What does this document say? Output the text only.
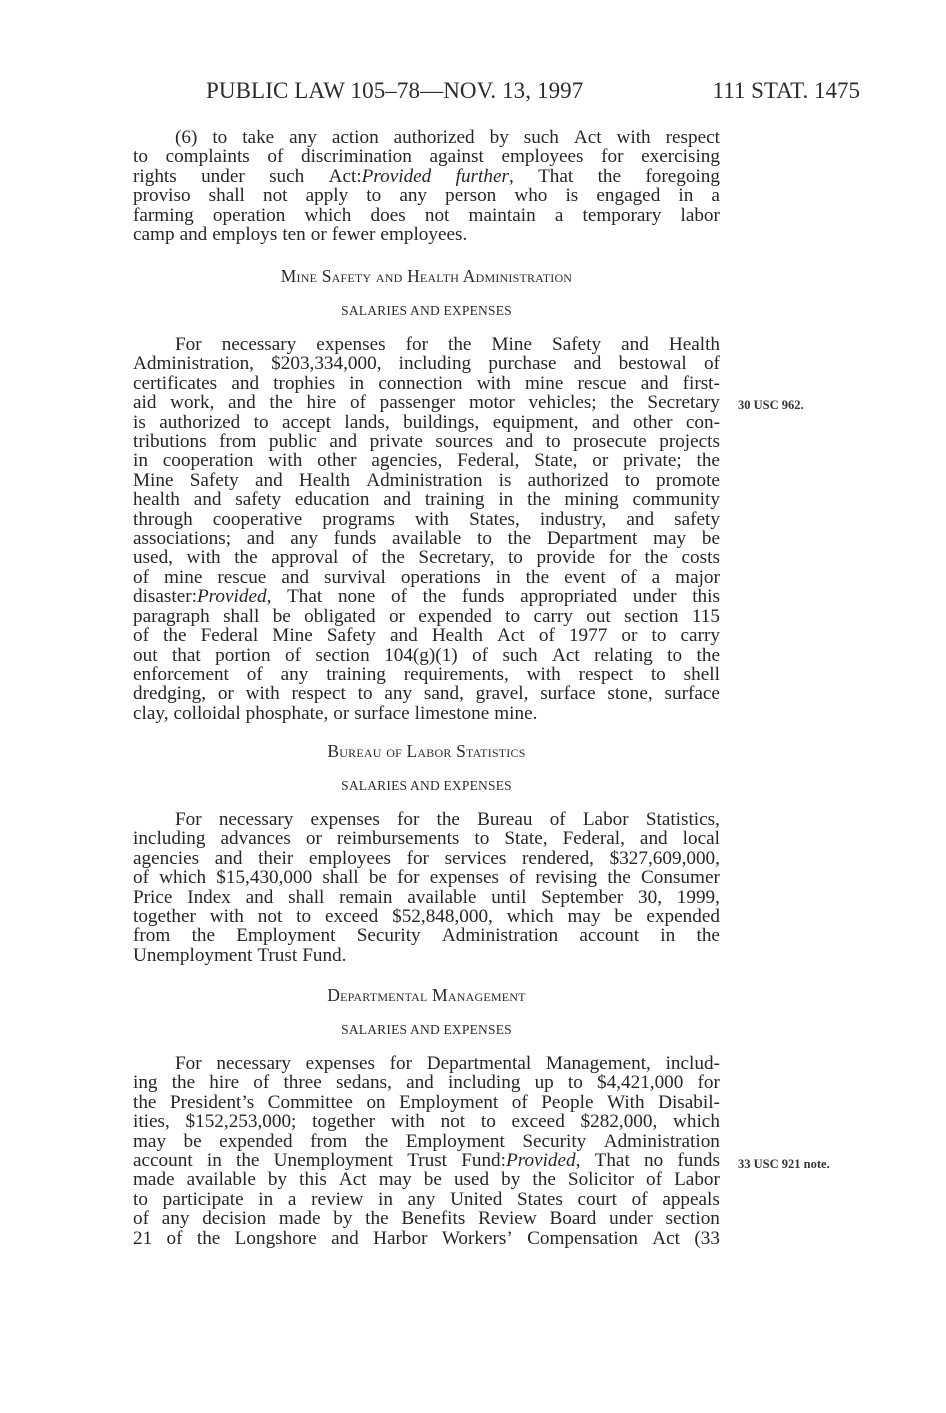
PUBLIC LAW 105–78—NOV. 13, 1997	111 STAT. 1475
(6) to take any action authorized by such Act with respect
to complaints of discrimination against employees for exercising
rights under such Act:Provided further, That the foregoing
proviso shall not apply to any person who is engaged in a
farming operation which does not maintain a temporary labor
camp and employs ten or fewer employees.
Mine Safety and Health Administration
SALARIES AND EXPENSES
For necessary expenses for the Mine Safety and Health
Administration, $203,334,000, including purchase and bestowal of
certificates and trophies in connection with mine rescue and first-
aid work, and the hire of passenger motor vehicles; the Secretary
is authorized to accept lands, buildings, equipment, and other con-
tributions from public and private sources and to prosecute projects
in cooperation with other agencies, Federal, State, or private; the
Mine Safety and Health Administration is authorized to promote
health and safety education and training in the mining community
through cooperative programs with States, industry, and safety
associations; and any funds available to the Department may be
used, with the approval of the Secretary, to provide for the costs
of mine rescue and survival operations in the event of a major
disaster:Provided, That none of the funds appropriated under this
paragraph shall be obligated or expended to carry out section 115
of the Federal Mine Safety and Health Act of 1977 or to carry
out that portion of section 104(g)(1) of such Act relating to the
enforcement of any training requirements, with respect to shell
dredging, or with respect to any sand, gravel, surface stone, surface
clay, colloidal phosphate, or surface limestone mine.
30 USC 962.
Bureau of Labor Statistics
SALARIES AND EXPENSES
For necessary expenses for the Bureau of Labor Statistics,
including advances or reimbursements to State, Federal, and local
agencies and their employees for services rendered, $327,609,000,
of which $15,430,000 shall be for expenses of revising the Consumer
Price Index and shall remain available until September 30, 1999,
together with not to exceed $52,848,000, which may be expended
from the Employment Security Administration account in the
Unemployment Trust Fund.
Departmental Management
SALARIES AND EXPENSES
For necessary expenses for Departmental Management, includ-
ing the hire of three sedans, and including up to $4,421,000 for
the President’s Committee on Employment of People With Disabil-
ities, $152,253,000; together with not to exceed $282,000, which
may be expended from the Employment Security Administration
account in the Unemployment Trust Fund:Provided, That no funds
made available by this Act may be used by the Solicitor of Labor
to participate in a review in any United States court of appeals
of any decision made by the Benefits Review Board under section
21 of the Longshore and Harbor Workers’ Compensation Act (33
33 USC 921 note.
